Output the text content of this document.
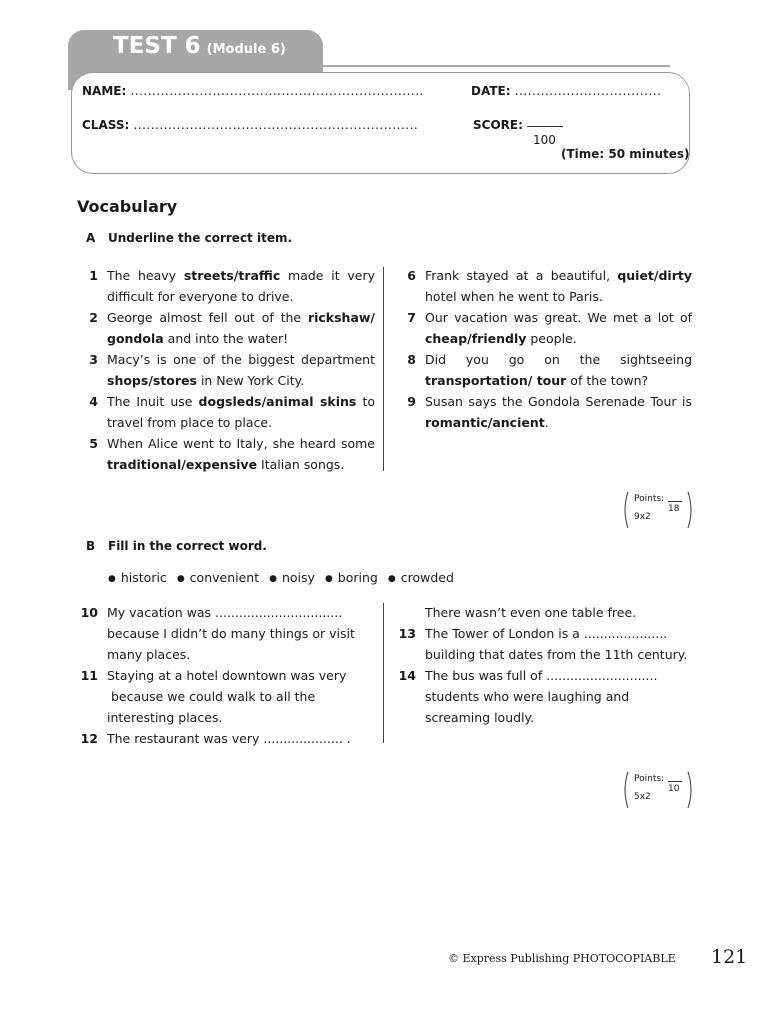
TEST 6 (Module 6)
NAME: ....................................................................	DATE: ..................................
CLASS: ..................................................................	SCORE:
100
(Time: 50 minutes)
Vocabulary
A Underline the correct item.
1 The heavy streets/traffic made it very difficult for everyone to drive.
2 George almost fell out of the rickshaw/ gondola and into the water!
3 Macy’s is one of the biggest department shops/stores in New York City.
4 The Inuit use dogsleds/animal skins to travel from place to place.
5 When Alice went to Italy, she heard some traditional/expensive Italian songs.
6 Frank stayed at a beautiful, quiet/dirty hotel when he went to Paris.
7 Our vacation was great. We met a lot of cheap/friendly people.
8 Did you go on the sightseeing transportation/ tour of the town?
9 Susan says the Gondola Serenade Tour is romantic/ancient.
Points:
18
9x2
B Fill in the correct word.
● historic ● convenient ● noisy ● boring ● crowded
10 My vacation was ................................ because I didn’t do many things or visit many places.
11 Staying at a hotel downtown was very
because we could walk to all the interesting places.
12 The restaurant was very .................... .
There wasn’t even one table free.
13 The Tower of London is a ..................... building that dates from the 11th century.
14 The bus was full of ............................ students who were laughing and screaming loudly.
Points:
10
5x2
© Express Publishing PHOTOCOPIABLE 121
